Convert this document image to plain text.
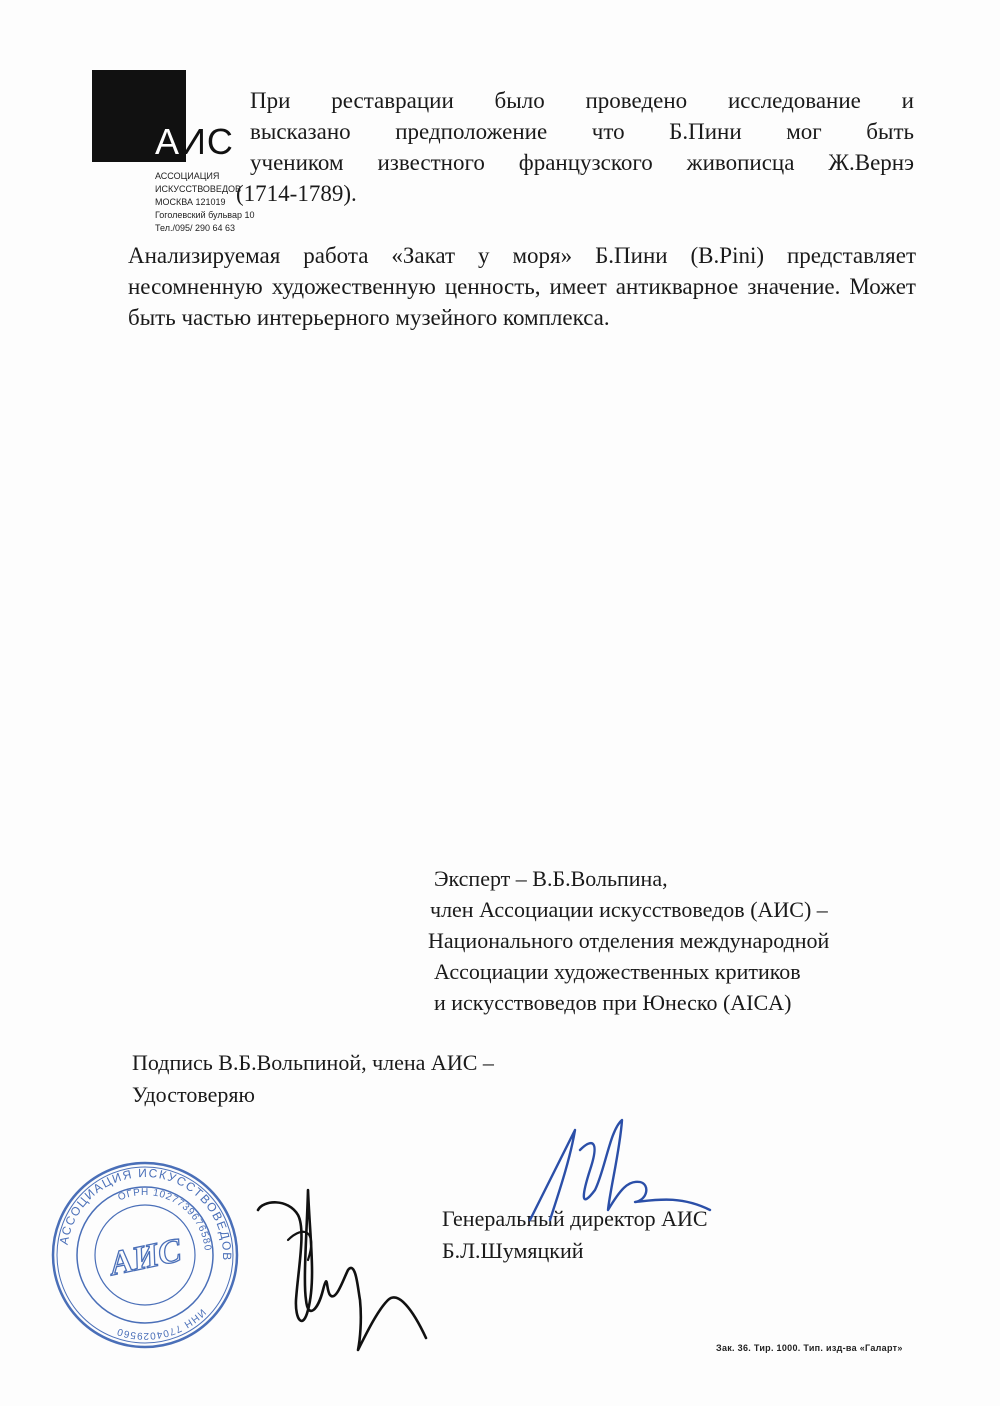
АИС
АССОЦИАЦИЯ
ИСКУССТВОВЕДОВ
МОСКВА 121019
Гоголевский бульвар 10
Тел./095/ 290 64 63
При реставрации было проведено исследование и
высказано предположение что Б.Пини мог быть
учеником известного французского живописца Ж.Вернэ
(1714-1789).

Анализируемая работа «Закат у моря» Б.Пини (B.Pini) представляет несомненную художественную ценность, имеет антикварное значение. Может быть частью интерьерного музейного комплекса.

Эксперт – В.Б.Вольпина,
член Ассоциации искусствоведов (АИС) –
Национального отделения международной
Ассоциации художественных критиков
и искусствоведов при Юнеско (AICA)
Подпись В.Б.Вольпиной, члена АИС –
Удостоверяю
АССОЦИАЦИЯ ИСКУССТВОВЕДОВ
ОГРН 1027739676580
ИНН 7704029560
АИС
Генеральный директор АИС
Б.Л.Шумяцкий
Зак. 36. Тир. 1000. Тип. изд-ва «Галарт»
